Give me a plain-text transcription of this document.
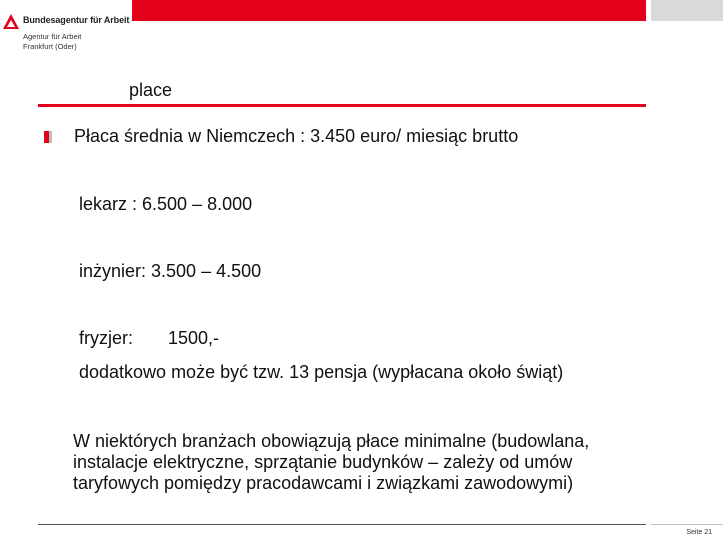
Bundesagentur für Arbeit
Agentur für Arbeit
Frankfurt (Oder)
place
Płaca średnia w Niemczech : 3.450 euro/ miesiąc brutto
lekarz : 6.500 – 8.000
inżynier: 3.500 – 4.500
fryzjer: 1500,-
dodatkowo może być tzw. 13 pensja (wypłacana około świąt)
W niektórych branżach obowiązują płace minimalne (budowlana,
instalacje elektryczne, sprzątanie budynków – zależy od umów
taryfowych pomiędzy pracodawcami i związkami zawodowymi)
Seite 21
